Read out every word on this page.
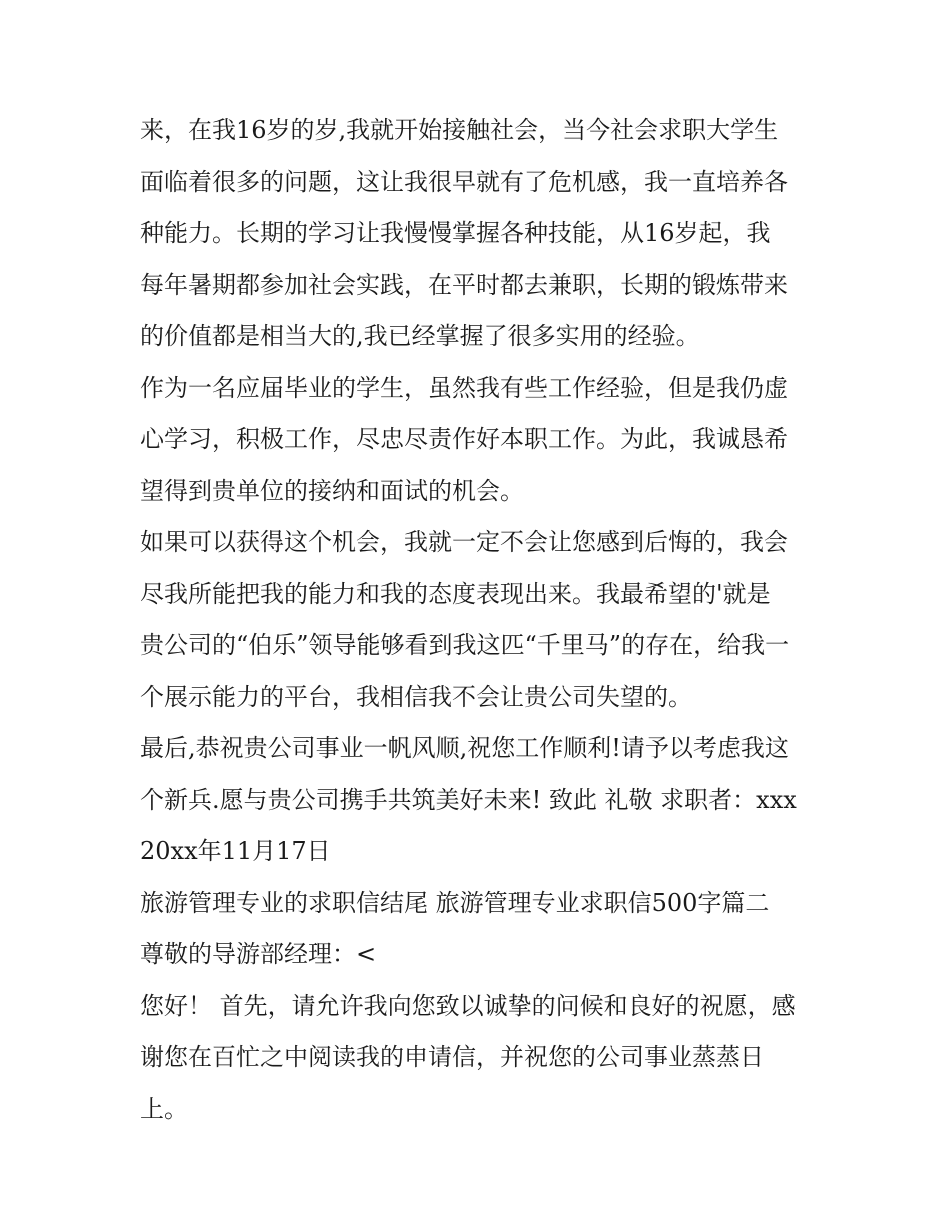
来，在我16岁的岁,我就开始接触社会，当今社会求职大学生
面临着很多的问题，这让我很早就有了危机感，我一直培养各
种能力。长期的学习让我慢慢掌握各种技能，从16岁起，我
每年暑期都参加社会实践，在平时都去兼职，长期的锻炼带来
的价值都是相当大的,我已经掌握了很多实用的经验。
作为一名应届毕业的学生，虽然我有些工作经验，但是我仍虚
心学习，积极工作，尽忠尽责作好本职工作。为此，我诚恳希
望得到贵单位的接纳和面试的机会。
如果可以获得这个机会，我就一定不会让您感到后悔的，我会
尽我所能把我的能力和我的态度表现出来。我最希望的'就是
贵公司的“伯乐”领导能够看到我这匹“千里马”的存在，给我一
个展示能力的平台，我相信我不会让贵公司失望的。
最后,恭祝贵公司事业一帆风顺,祝您工作顺利!请予以考虑我这
个新兵.愿与贵公司携手共筑美好未来! 致此 礼敬 求职者：xxx
20xx年11月17日
旅游管理专业的求职信结尾 旅游管理专业求职信500字篇二
尊敬的导游部经理：<
您好！ 首先，请允许我向您致以诚挚的问候和良好的祝愿，感
谢您在百忙之中阅读我的申请信，并祝您的公司事业蒸蒸日
上。
